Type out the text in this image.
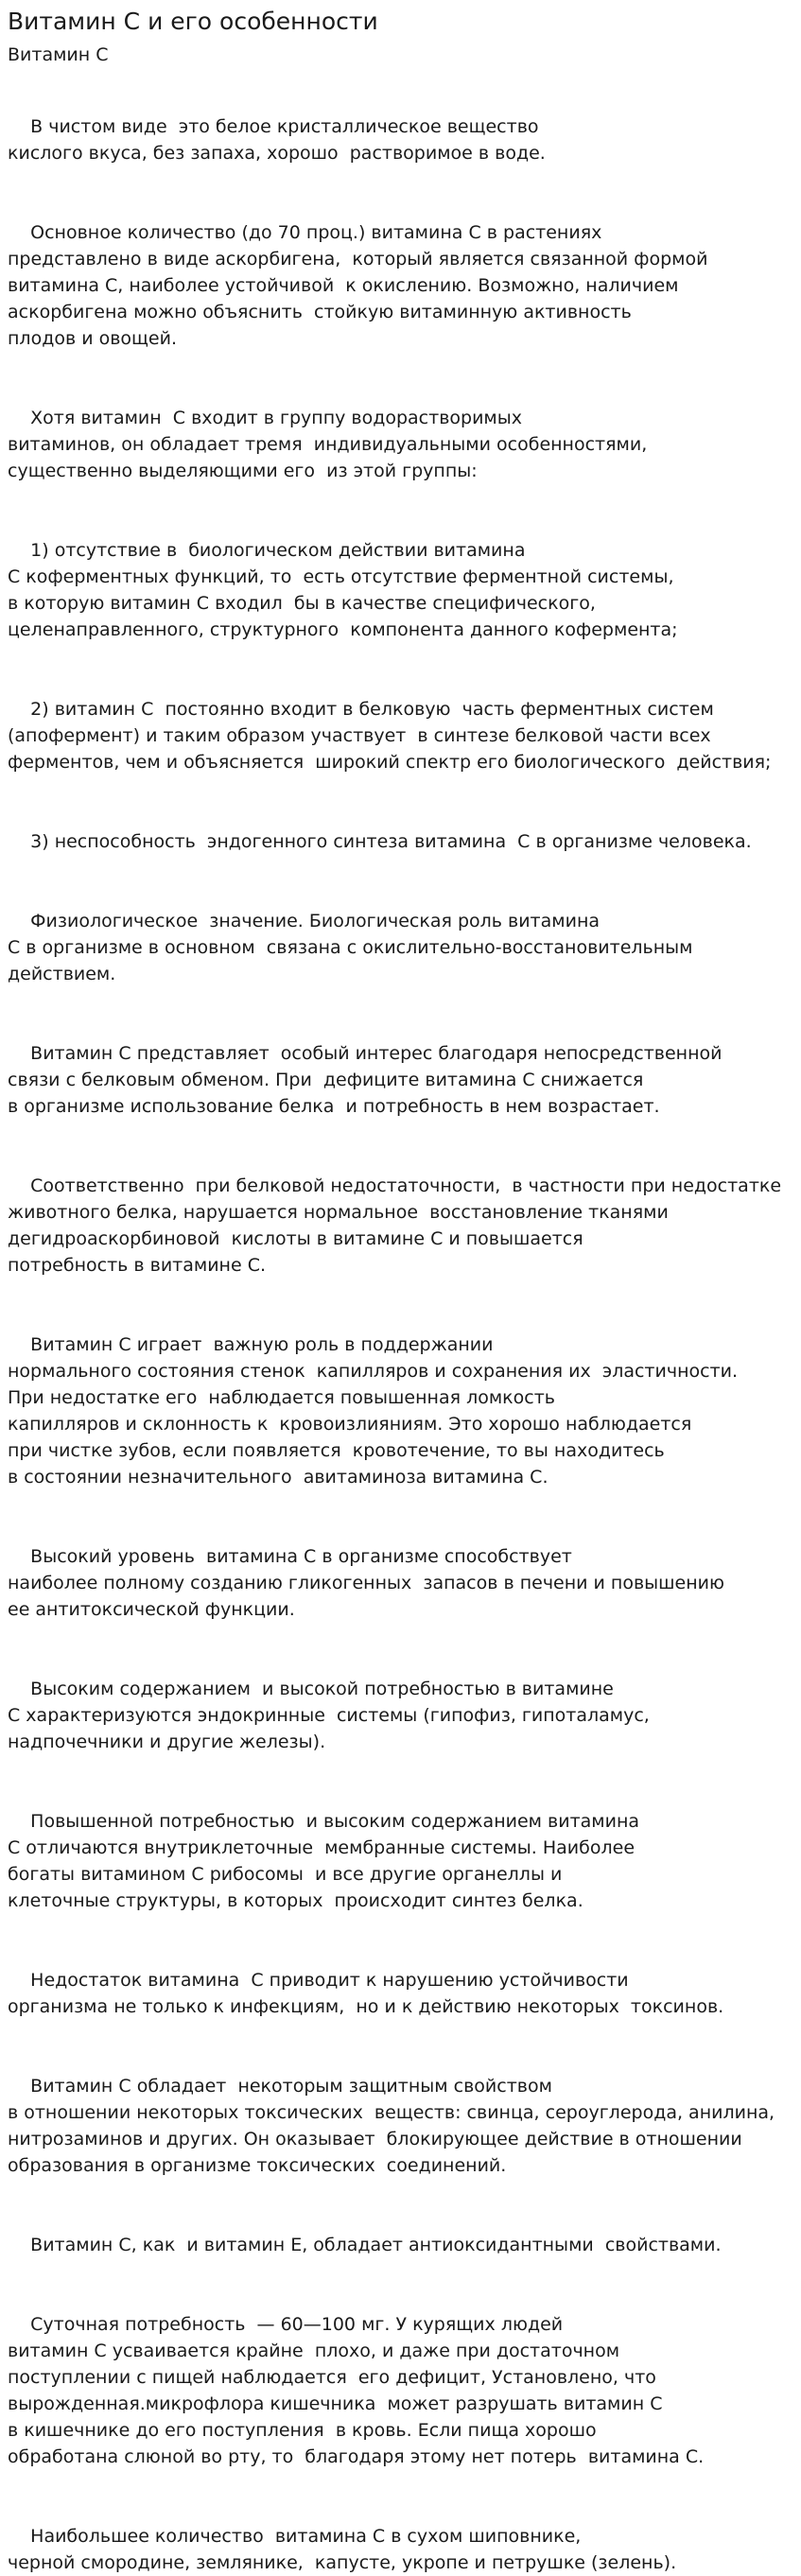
Витамин С и его особенности
Витамин С

В чистом виде  это белое кристаллическое вещество
кислого вкуса, без запаха, хорошо  растворимое в воде.

Основное количество (до 70 проц.) витамина С в растениях
представлено в виде аскорбигена,  который является связанной формой
витамина С, наиболее устойчивой  к окислению. Возможно, наличием
аскорбигена можно объяснить  стойкую витаминную активность
плодов и овощей.

Хотя витамин  С входит в группу водорастворимых
витаминов, он обладает тремя  индивидуальными особенностями,
существенно выделяющими его  из этой группы:

1) отсутствие в  биологическом действии витамина
С коферментных функций, то  есть отсутствие ферментной системы,
в которую витамин С входил  бы в качестве специфического,
целенаправленного, структурного  компонента данного кофермента;

2) витамин С  постоянно входит в белковую  часть ферментных систем
(апофермент) и таким образом участвует  в синтезе белковой части всех
ферментов, чем и объясняется  широкий спектр его биологического  действия;

3) неспособность  эндогенного синтеза витамина  С в организме человека.

Физиологическое  значение. Биологическая роль витамина
С в организме в основном  связана с окислительно-восстановительным
действием.

Витамин С представляет  особый интерес благодаря непосредственной
связи с белковым обменом. При  дефиците витамина С снижается
в организме использование белка  и потребность в нем возрастает.

Соответственно  при белковой недостаточности,  в частности при недостатке
животного белка, нарушается нормальное  восстановление тканями
дегидроаскорбиновой  кислоты в витамине С и повышается
потребность в витамине С.

Витамин С играет  важную роль в поддержании
нормального состояния стенок  капилляров и сохранения их  эластичности.
При недостатке его  наблюдается повышенная ломкость
капилляров и склонность к  кровоизлияниям. Это хорошо наблюдается
при чистке зубов, если появляется  кровотечение, то вы находитесь
в состоянии незначительного  авитаминоза витамина С.

Высокий уровень  витамина С в организме способствует
наиболее полному созданию гликогенных  запасов в печени и повышению
ее антитоксической функции.

Высоким содержанием  и высокой потребностью в витамине
С характеризуются эндокринные  системы (гипофиз, гипоталамус,
надпочечники и другие железы).

Повышенной потребностью  и высоким содержанием витамина
С отличаются внутриклеточные  мембранные системы. Наиболее
богаты витамином С рибосомы  и все другие органеллы и
клеточные структуры, в которых  происходит синтез белка.

Недостаток витамина  С приводит к нарушению устойчивости
организма не только к инфекциям,  но и к действию некоторых  токсинов.

Витамин С обладает  некоторым защитным свойством
в отношении некоторых токсических  веществ: свинца, сероуглерода, анилина,
нитрозаминов и других. Он оказывает  блокирующее действие в отношении
образования в организме токсических  соединений.

Витамин С, как  и витамин Е, обладает антиоксидантными  свойствами.

Суточная потребность  — 60—100 мг. У курящих людей
витамин С усваивается крайне  плохо, и даже при достаточном
поступлении с пищей наблюдается  его дефицит, Установлено, что
вырожденная.микрофлора кишечника  может разрушать витамин С
в кишечнике до его поступления  в кровь. Если пища хорошо
обработана слюной во рту, то  благодаря этому нет потерь  витамина С.

Наибольшее количество  витамина С в сухом шиповнике,
черной смородине, землянике,  капусте, укропе и петрушке (зелень).
